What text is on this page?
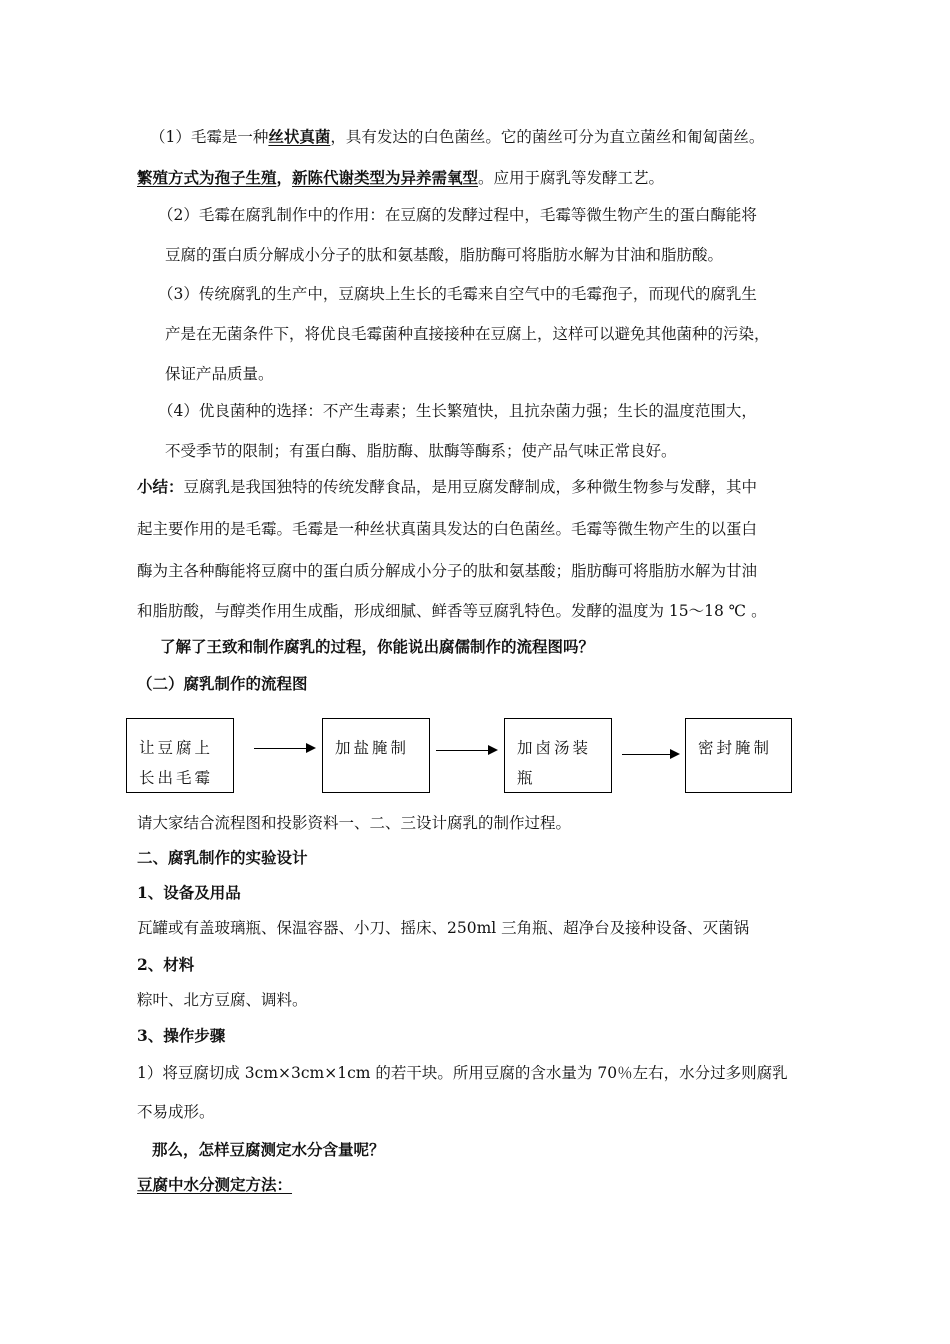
（1）毛霉是一种丝状真菌，具有发达的白色菌丝。它的菌丝可分为直立菌丝和匍匐菌丝。
繁殖方式为孢子生殖，新陈代谢类型为异养需氧型。应用于腐乳等发酵工艺。
（2）毛霉在腐乳制作中的作用：在豆腐的发酵过程中，毛霉等微生物产生的蛋白酶能将
豆腐的蛋白质分解成小分子的肽和氨基酸，脂肪酶可将脂肪水解为甘油和脂肪酸。
（3）传统腐乳的生产中，豆腐块上生长的毛霉来自空气中的毛霉孢子，而现代的腐乳生
产是在无菌条件下，将优良毛霉菌种直接接种在豆腐上，这样可以避免其他菌种的污染，
保证产品质量。
（4）优良菌种的选择：不产生毒素；生长繁殖快，且抗杂菌力强；生长的温度范围大，
不受季节的限制；有蛋白酶、脂肪酶、肽酶等酶系；使产品气味正常良好。
小结：豆腐乳是我国独特的传统发酵食品，是用豆腐发酵制成，多种微生物参与发酵，其中
起主要作用的是毛霉。毛霉是一种丝状真菌具发达的白色菌丝。毛霉等微生物产生的以蛋白
酶为主各种酶能将豆腐中的蛋白质分解成小分子的肽和氨基酸；脂肪酶可将脂肪水解为甘油
和脂肪酸，与醇类作用生成酯，形成细腻、鲜香等豆腐乳特色。发酵的温度为 15～18 ℃ 。
了解了王致和制作腐乳的过程，你能说出腐儒制作的流程图吗？
（二）腐乳制作的流程图
让豆腐上
长出毛霉
加盐腌制	加卤汤装
瓶
密封腌制
请大家结合流程图和投影资料一、二、三设计腐乳的制作过程。
二、腐乳制作的实验设计
1、设备及用品
瓦罐或有盖玻璃瓶、保温容器、小刀、摇床、250ml 三角瓶、超净台及接种设备、灭菌锅
2、材料
粽叶、北方豆腐、调料。
3、操作步骤
1）将豆腐切成 3cm×3cm×1cm 的若干块。所用豆腐的含水量为 70％左右，水分过多则腐乳
不易成形。
那么，怎样豆腐测定水分含量呢？
豆腐中水分测定方法：
